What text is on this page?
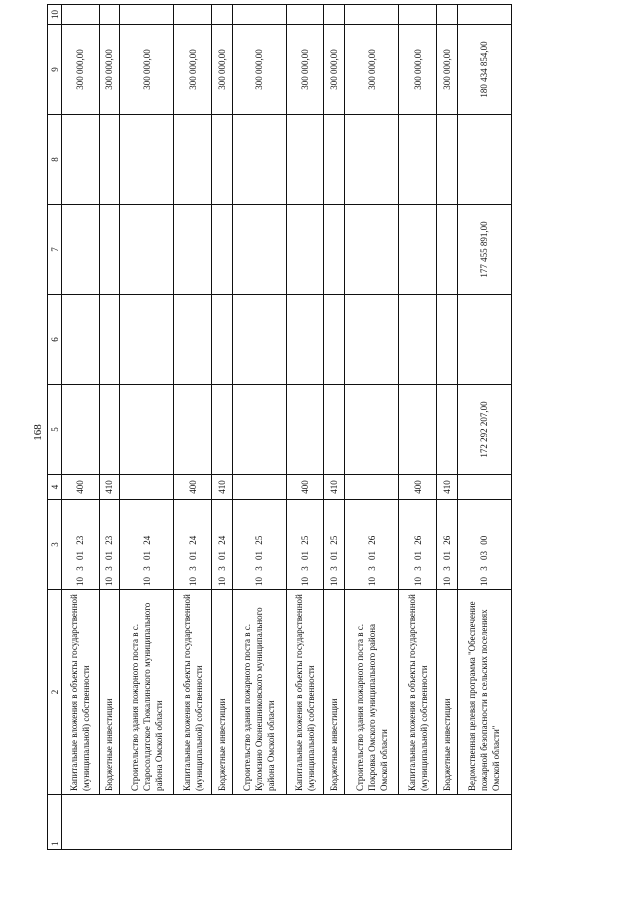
168
1	2	3	4	5	6	7	8	9	10
	Капитальные вложения в объекты государственной (муниципальной) собственности	10 3 01 23	400					300 000,00	
	Бюджетные инвестиции	10 3 01 23	410					300 000,00	
	Строительство здания пожарного поста в с. Старосолдатское Тюкалинского муниципального района Омской области	10 3 01 24						300 000,00	
	Капитальные вложения в объекты государственной (муниципальной) собственности	10 3 01 24	400					300 000,00	
	Бюджетные инвестиции	10 3 01 24	410					300 000,00	
	Строительство здания пожарного поста в с. Куломзино Оконешниковского муниципального района Омской области	10 3 01 25						300 000,00	
	Капитальные вложения в объекты государственной (муниципальной) собственности	10 3 01 25	400					300 000,00	
	Бюджетные инвестиции	10 3 01 25	410					300 000,00	
	Строительство здания пожарного поста в с. Покровка Омского муниципального района Омской области	10 3 01 26						300 000,00	
	Капитальные вложения в объекты государственной (муниципальной) собственности	10 3 01 26	400					300 000,00	
	Бюджетные инвестиции	10 3 01 26	410					300 000,00	
	Ведомственная целевая программа "Обеспечение пожарной безопасности в сельских поселениях Омской области"	10 3 03 00		172 292 207,00		177 455 891,00		180 434 854,00	
